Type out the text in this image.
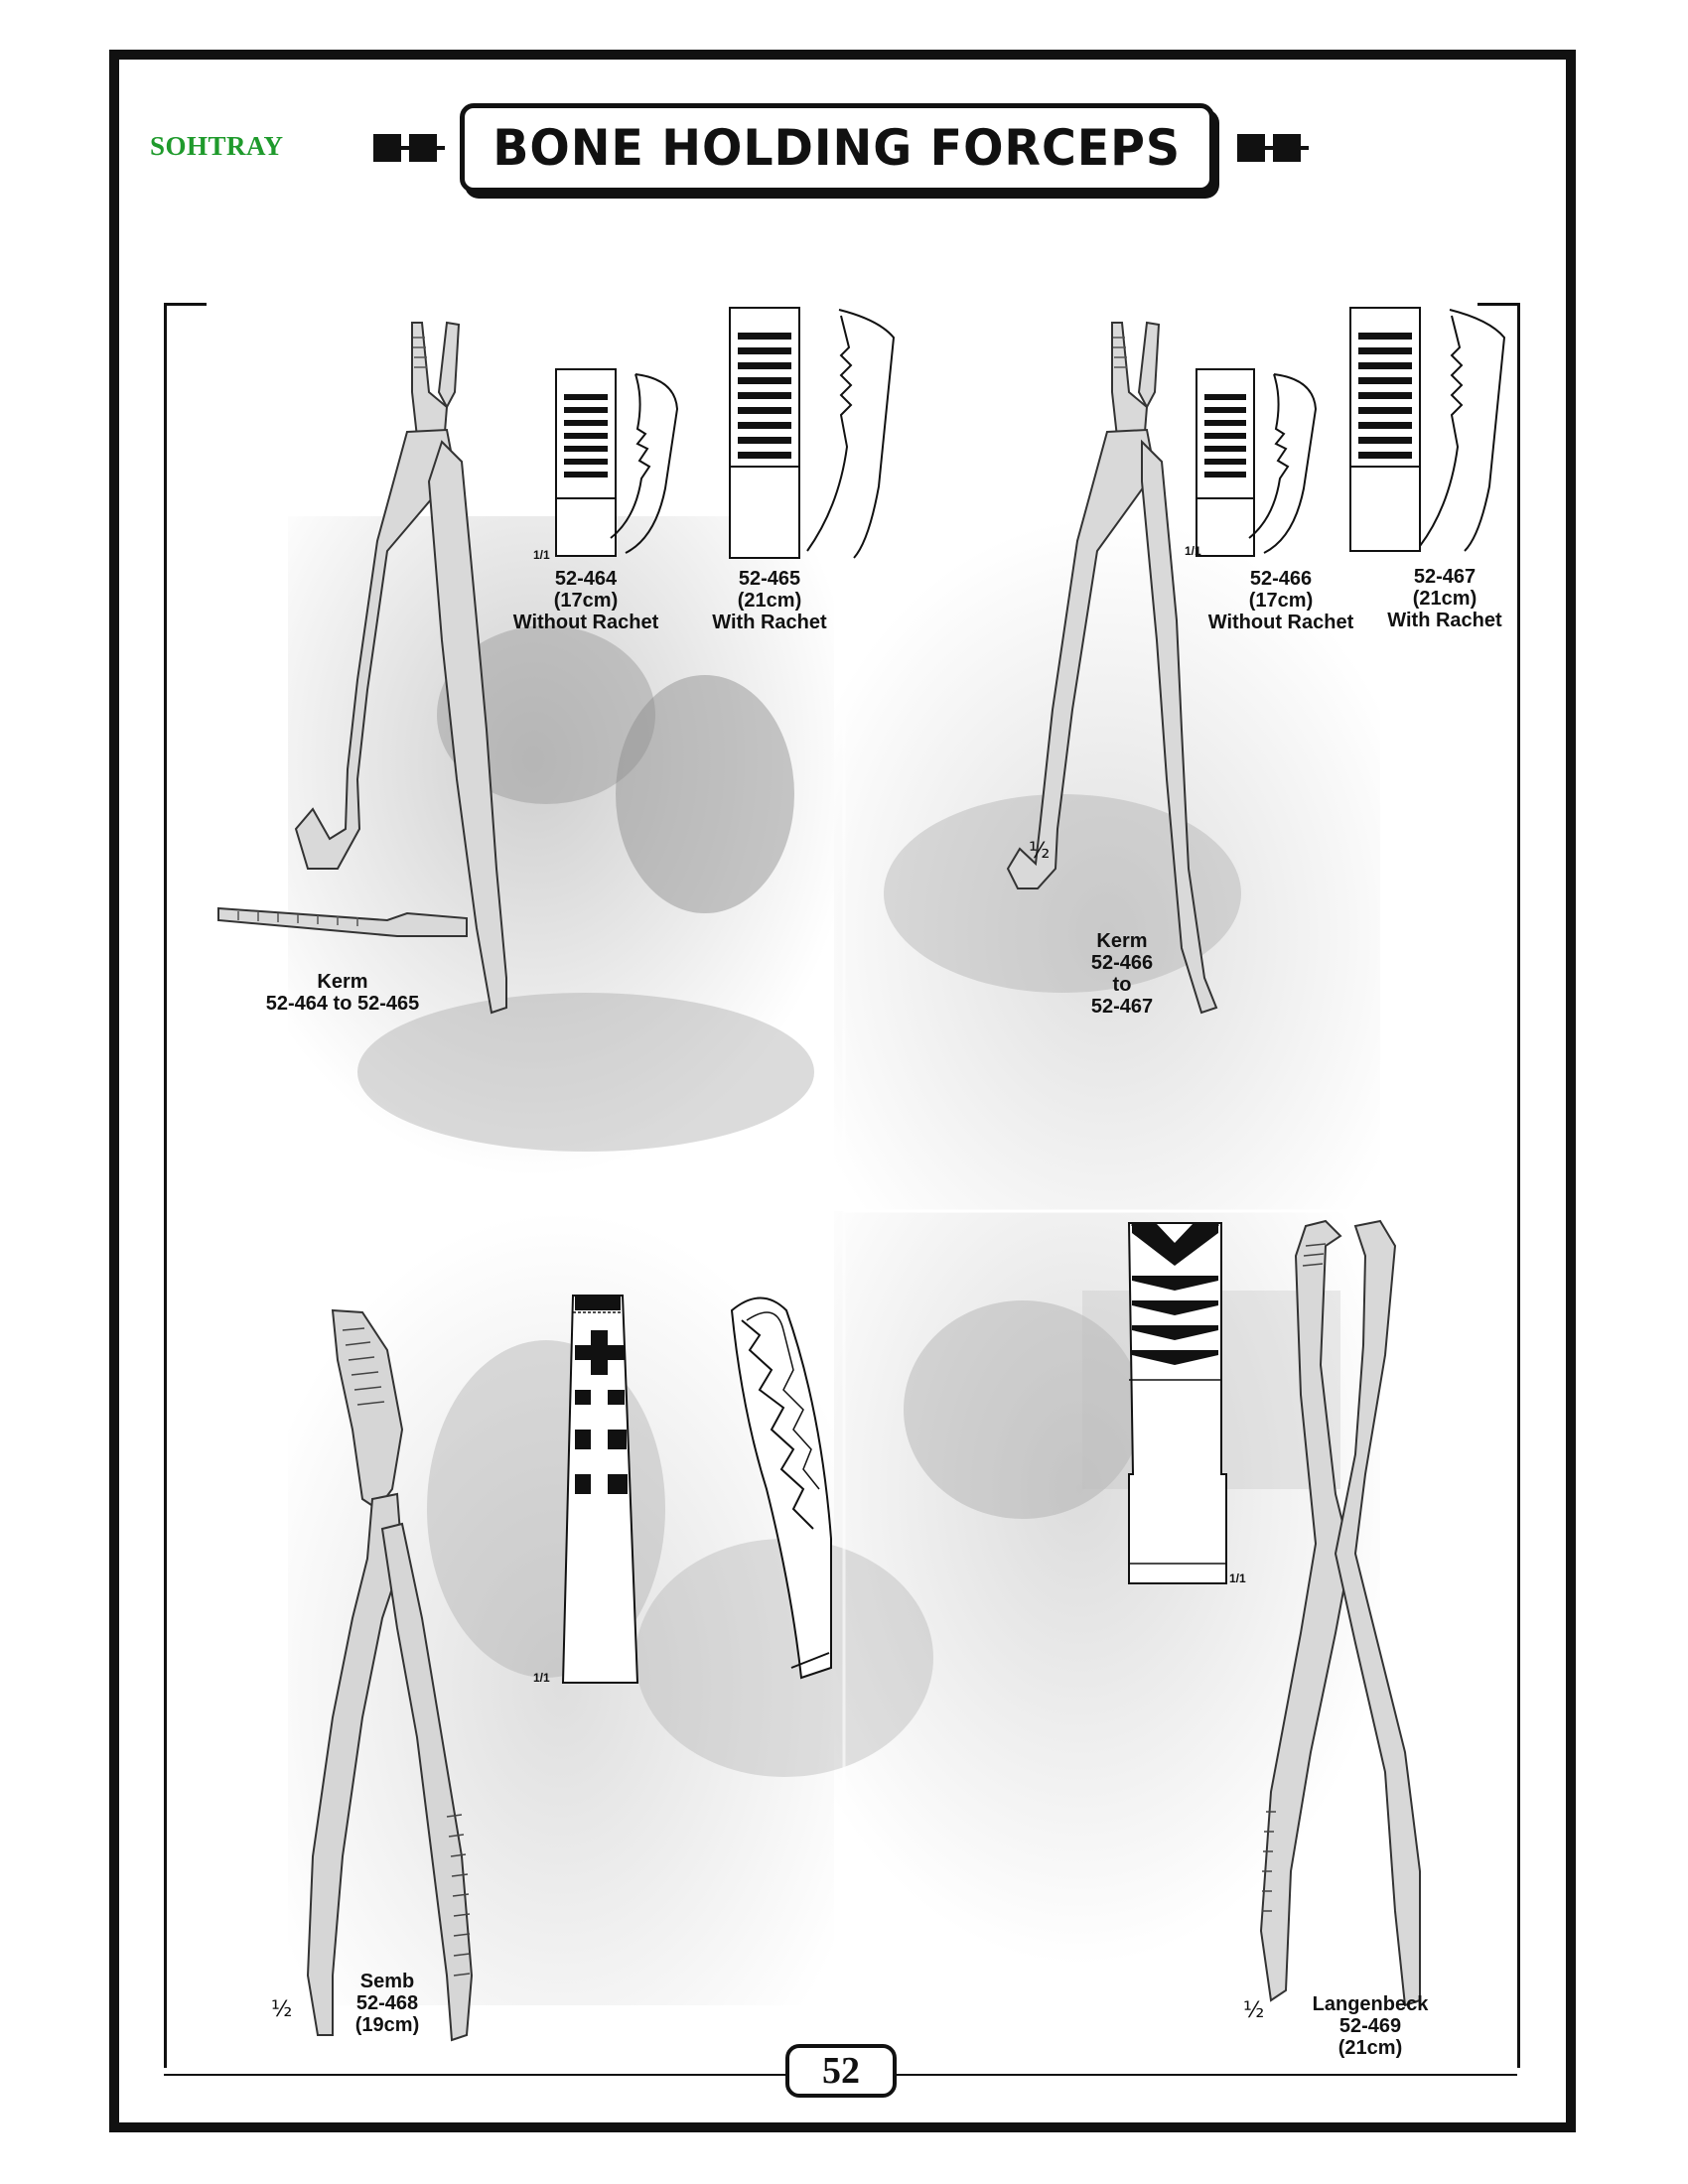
SOHTRAY	BONE HOLDING FORCEPS
1/1
52-464
(17cm)
Without Rachet
52-465
(21cm)
With Rachet
Kerm
52-464 to 52-465
1/1
52-466
(17cm)
Without Rachet
52-467
(21cm)
With Rachet
½
Kerm
52-466
to
52-467
1/1
½
Semb
52-468
(19cm)
1/1
½	Langenbeck
52-469
(21cm)
52
